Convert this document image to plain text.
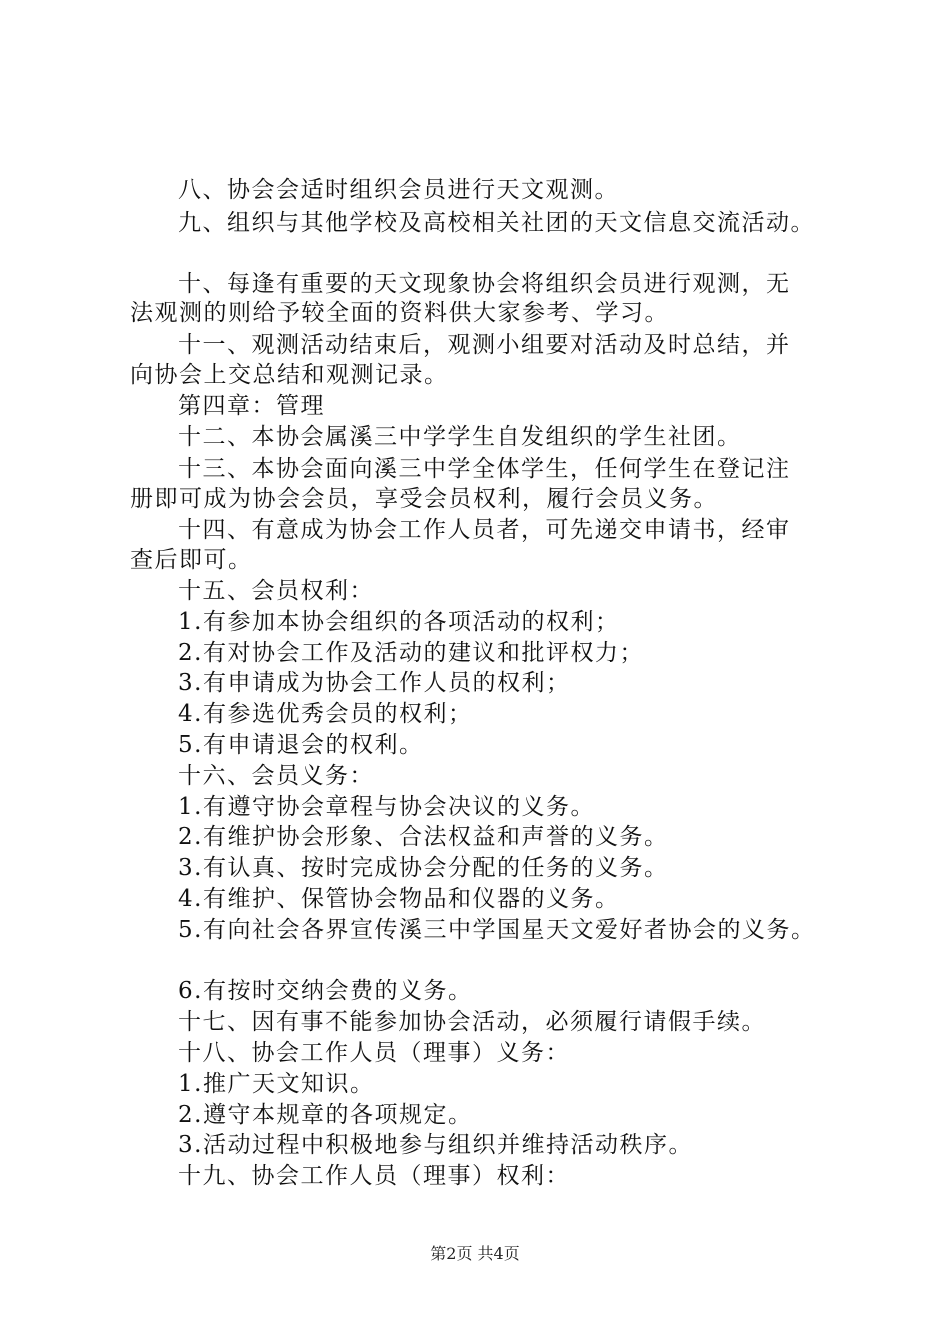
八、协会会适时组织会员进行天文观测。
九、组织与其他学校及高校相关社团的天文信息交流活动。
十、每逢有重要的天文现象协会将组织会员进行观测，无
法观测的则给予较全面的资料供大家参考、学习。
十一、观测活动结束后，观测小组要对活动及时总结，并
向协会上交总结和观测记录。
第四章：管理
十二、本协会属溪三中学学生自发组织的学生社团。
十三、本协会面向溪三中学全体学生，任何学生在登记注
册即可成为协会会员，享受会员权利，履行会员义务。
十四、有意成为协会工作人员者，可先递交申请书，经审
查后即可。
十五、会员权利：
1.有参加本协会组织的各项活动的权利；
2.有对协会工作及活动的建议和批评权力；
3.有申请成为协会工作人员的权利；
4.有参选优秀会员的权利；
5.有申请退会的权利。
十六、会员义务：
1.有遵守协会章程与协会决议的义务。
2.有维护协会形象、合法权益和声誉的义务。
3.有认真、按时完成协会分配的任务的义务。
4.有维护、保管协会物品和仪器的义务。
5.有向社会各界宣传溪三中学国星天文爱好者协会的义务。
6.有按时交纳会费的义务。
十七、因有事不能参加协会活动，必须履行请假手续。
十八、协会工作人员（理事）义务：
1.推广天文知识。
2.遵守本规章的各项规定。
3.活动过程中积极地参与组织并维持活动秩序。
十九、协会工作人员（理事）权利：
第2页 共4页
